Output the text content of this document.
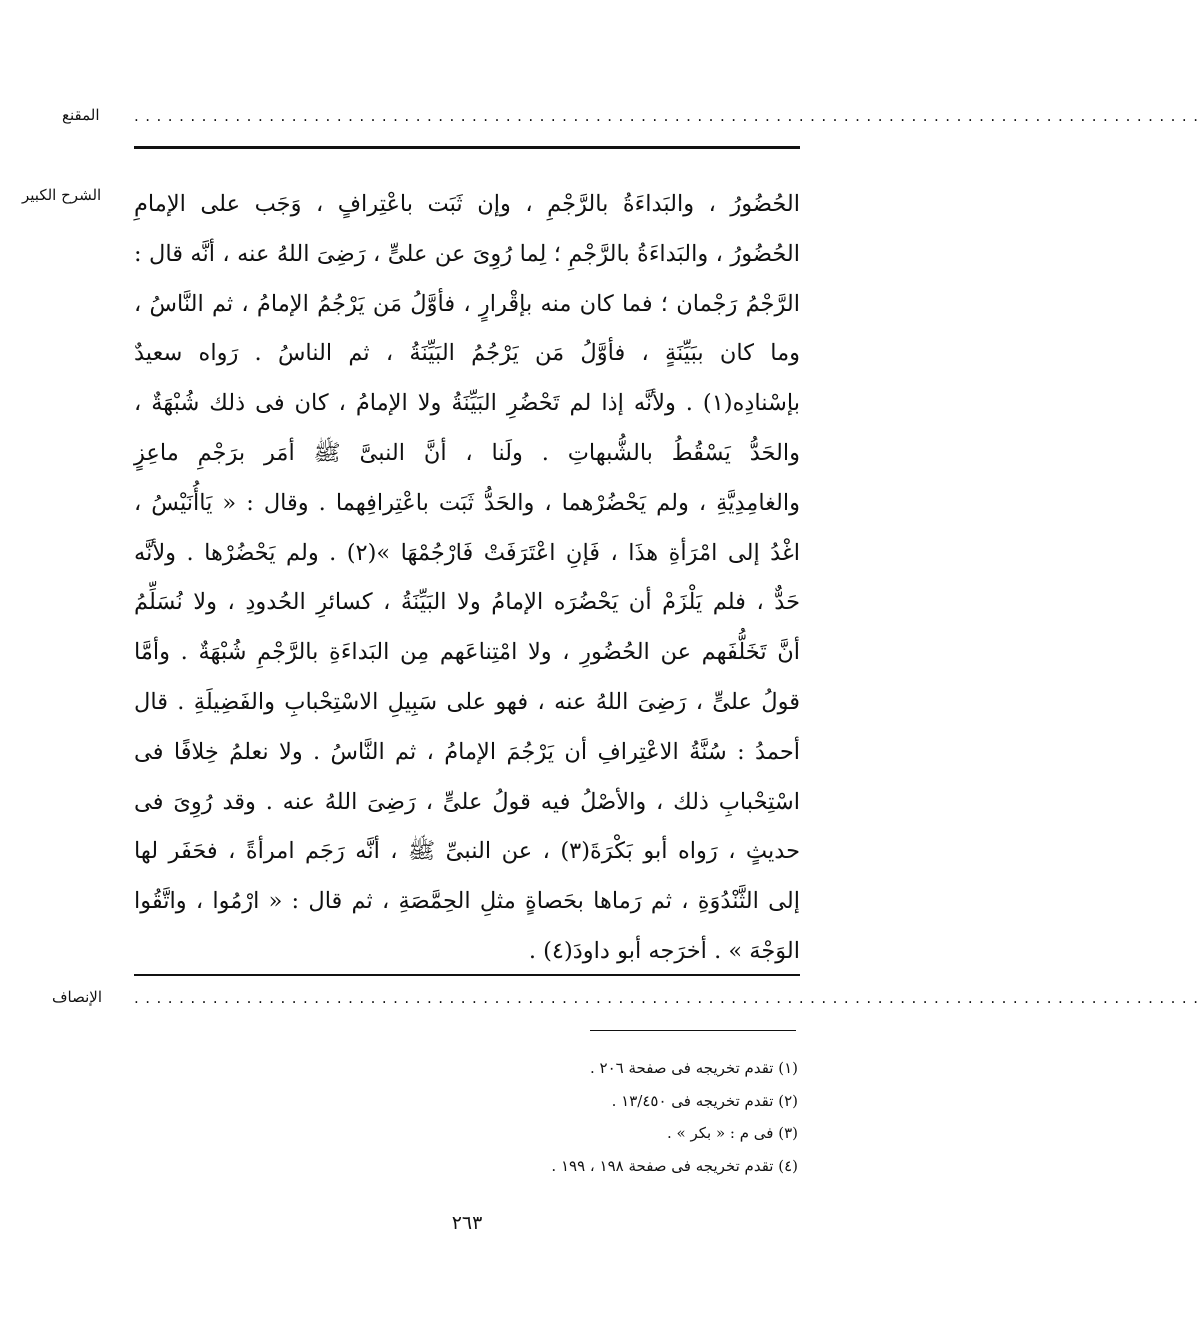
المقنع ...............................................................................................
الشرح الكبير الحُضُورُ ، والبَداءَةُ بالرَّجْمِ ، وإن ثَبَت باعْتِرافٍ ، وَجَب على الإمامِ
الحُضُورُ ، والبَداءَةُ بالرَّجْمِ ؛ لِما رُوِىَ عن علىٍّ ، رَضِىَ اللهُ عنه ، أنَّه قال :
الرَّجْمُ رَجْمان ؛ فما كان منه بإقْرارٍ ، فأوَّلُ مَن يَرْجُمُ الإمامُ ، ثم النَّاسُ ،
وما كان ببَيِّنَةٍ ، فأوَّلُ مَن يَرْجُمُ البَيِّنَةُ ، ثم الناسُ . رَواه سعيدٌ
بإسْنادِه(١) . ولأنَّه إذا لم تَحْضُرِ البَيِّنَةُ ولا الإمامُ ، كان فى ذلك شُبْهَةٌ ،
والحَدُّ يَسْقُطُ بالشُّبهاتِ . ولَنا ، أنَّ النبىَّ ﷺ أمَر برَجْمِ ماعِزٍ
والغامِدِيَّةِ ، ولم يَحْضُرْهما ، والحَدُّ ثَبَت باعْتِرافِهما . وقال : « يَاأُنَيْسُ ،
اغْدُ إلى امْرَأةِ هذَا ، فَإنِ اعْتَرَفَتْ فَارْجُمْهَا »(٢) . ولم يَحْضُرْها . ولأنَّه
حَدٌّ ، فلم يَلْزَمْ أن يَحْضُرَه الإمامُ ولا البَيِّنَةُ ، كسائرِ الحُدودِ ، ولا نُسَلِّمُ
أنَّ تَخَلُّفَهم عن الحُضُورِ ، ولا امْتِناعَهم مِن البَداءَةِ بالرَّجْمِ شُبْهَةٌ . وأمَّا
قولُ علىٍّ ، رَضِىَ اللهُ عنه ، فهو على سَبِيلِ الاسْتِحْبابِ والفَضِيلَةِ . قال
أحمدُ : سُنَّةُ الاعْتِرافِ أن يَرْجُمَ الإمامُ ، ثم النَّاسُ . ولا نعلمُ خِلافًا فى
اسْتِحْبابِ ذلك ، والأصْلُ فيه قولُ علىٍّ ، رَضِىَ اللهُ عنه . وقد رُوِىَ فى
حديثٍ ، رَواه أبو بَكْرَةَ(٣) ، عن النبىِّ ﷺ ، أنَّه رَجَم امرأةً ، فحَفَر لها
إلى الثَّنْدُوَةِ ، ثم رَماها بحَصاةٍ مثلِ الحِمَّصَةِ ، ثم قال : « ارْمُوا ، واتَّقُوا
الوَجْهَ » . أخرَجه أبو داودَ(٤) .
الإنصاف ...............................................................................................
(١) تقدم تخريجه فى صفحة ٢٠٦ .
(٢) تقدم تخريجه فى ١٣/٤٥٠ .
(٣) فى م : « بكر » .
(٤) تقدم تخريجه فى صفحة ١٩٨ ، ١٩٩ .
٢٦٣
